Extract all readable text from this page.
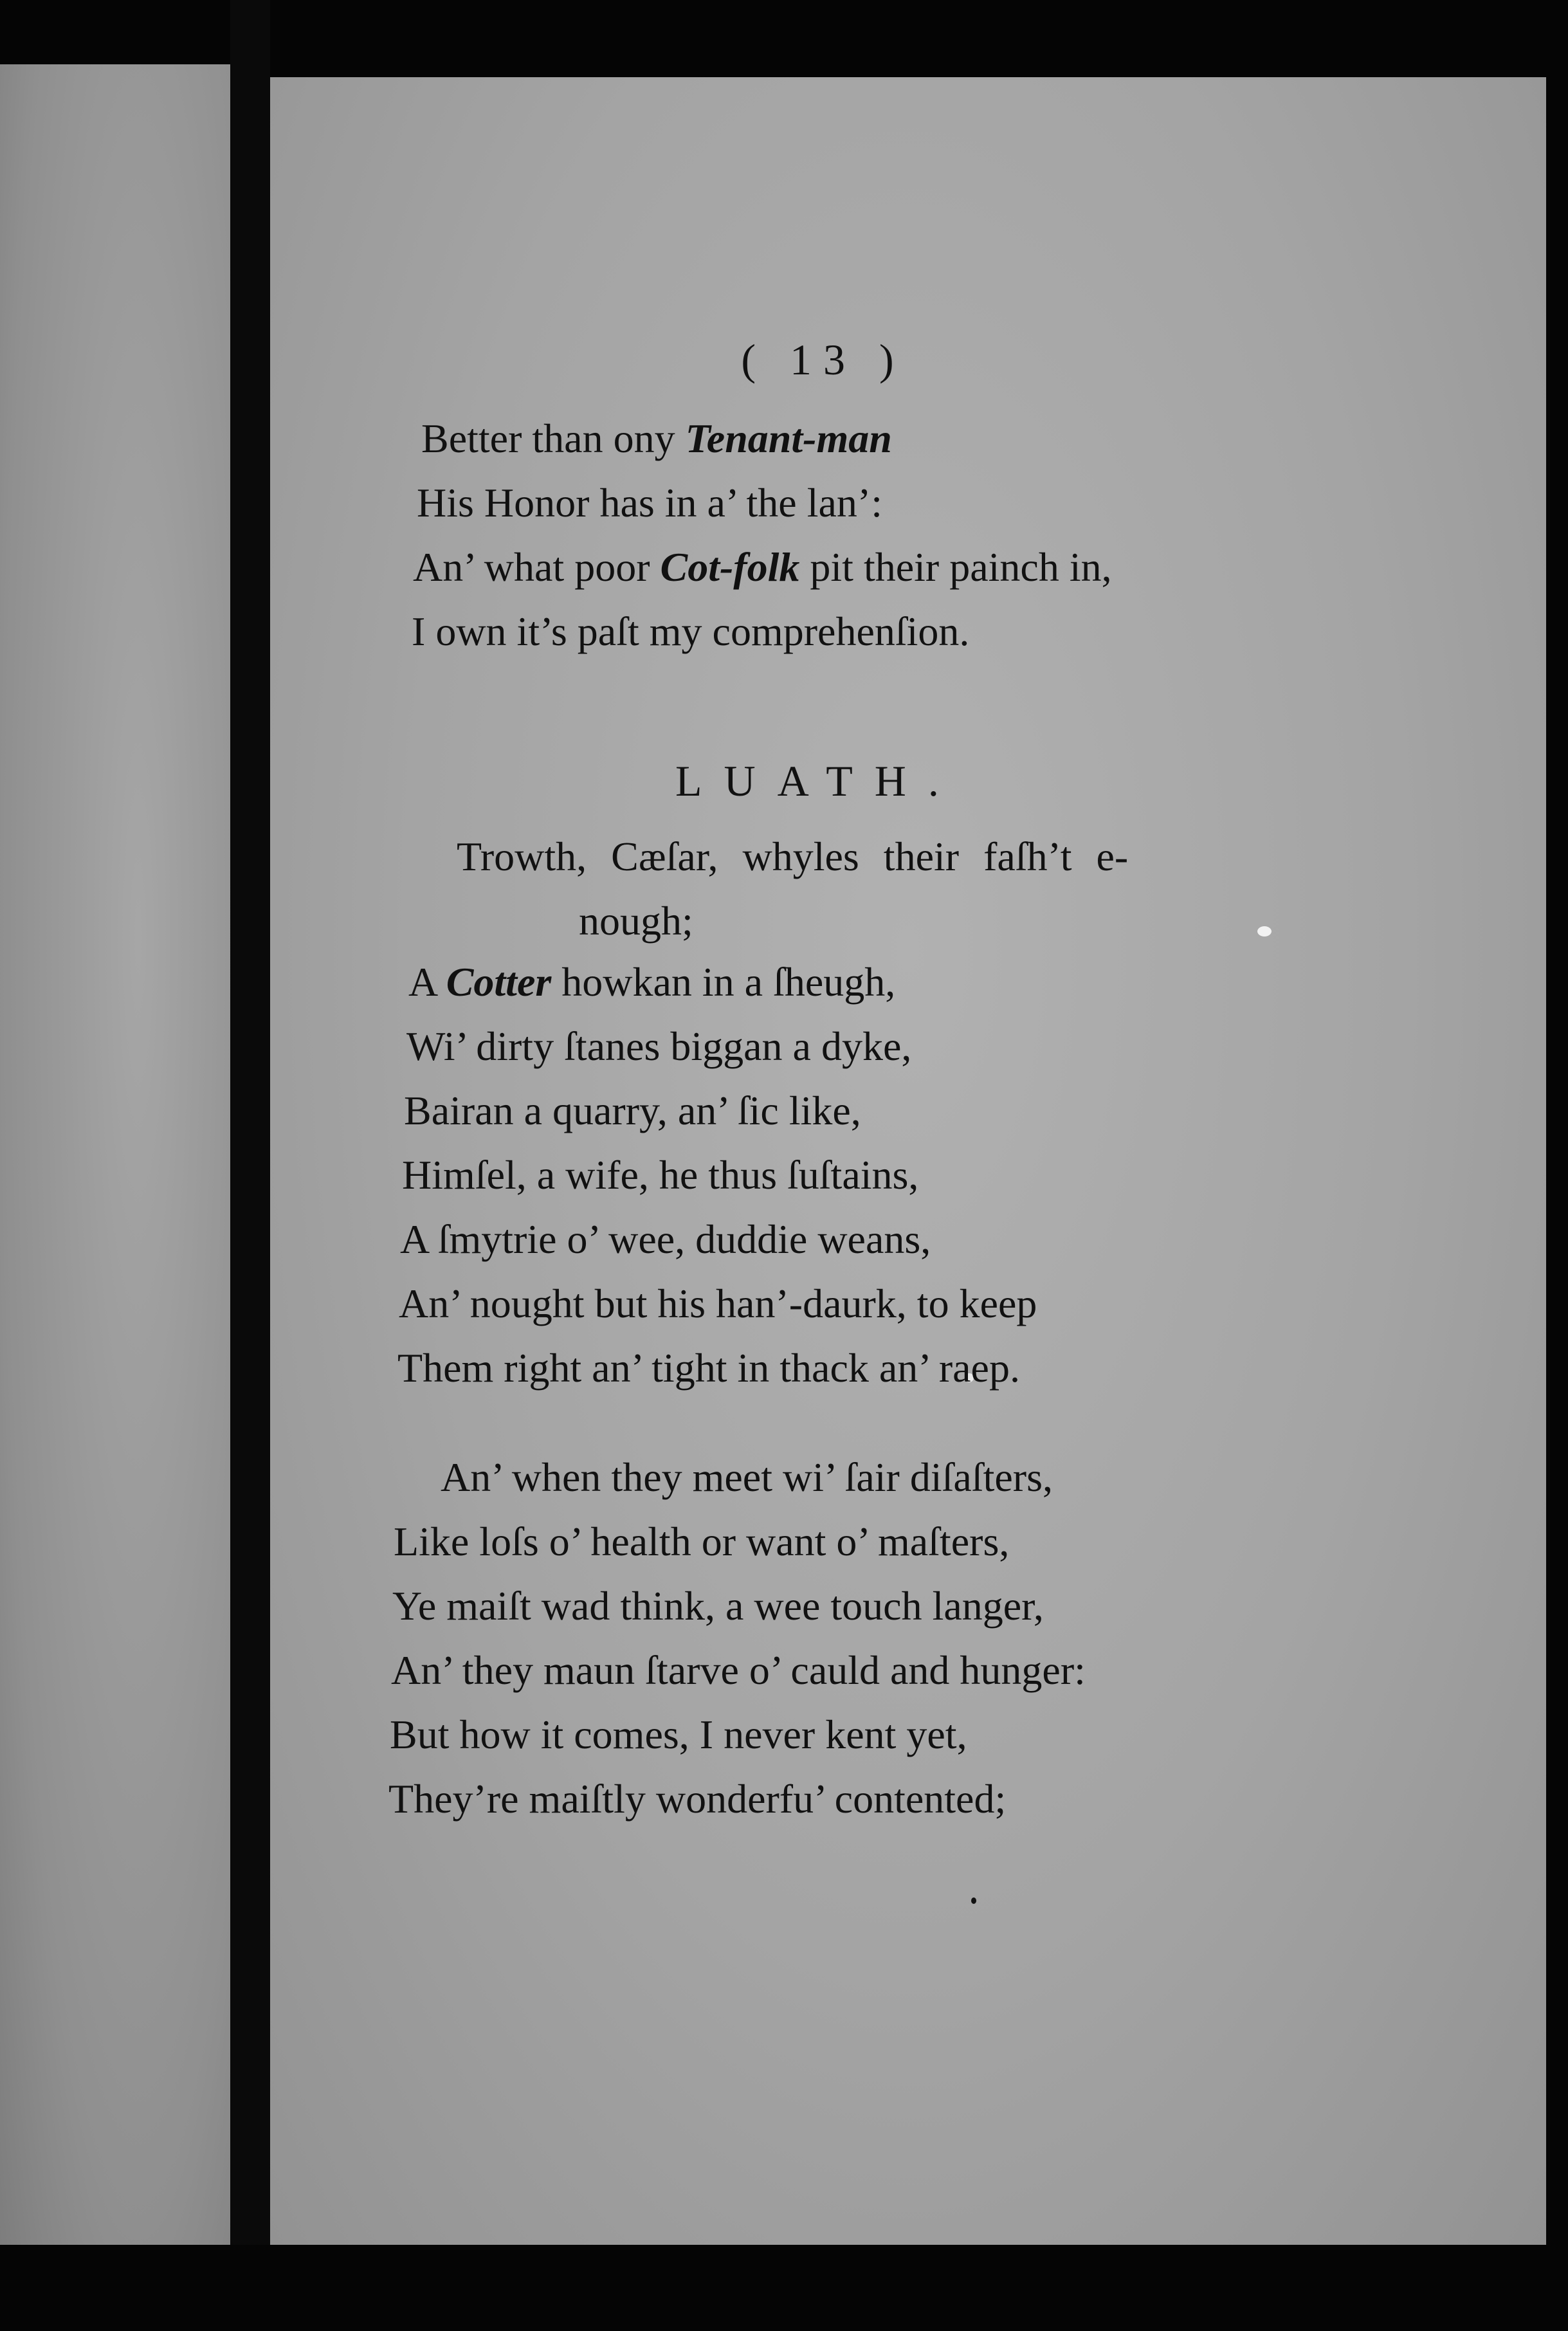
( 13 )
Better than ony Tenant-man
His Honor has in a’ the lan’:
An’ what poor Cot-folk pit their painch in,
I own it’s paſt my comprehenſion.
LUATH.
Trowth, Cæſar, whyles their faſh’t e-
nough;
A Cotter howkan in a ſheugh,
Wi’ dirty ſtanes biggan a dyke,
Bairan a quarry, an’ ſic like,
Himſel, a wife, he thus ſuſtains,
A ſmytrie o’ wee, duddie weans,
An’ nought but his han’-daurk, to keep
Them right an’ tight in thack an’ raep.
An’ when they meet wi’ ſair diſaſters,
Like loſs o’ health or want o’ maſters,
Ye maiſt wad think, a wee touch langer,
An’ they maun ſtarve o’ cauld and hunger:
But how it comes, I never kent yet,
They’re maiſtly wonderfu’ contented;
